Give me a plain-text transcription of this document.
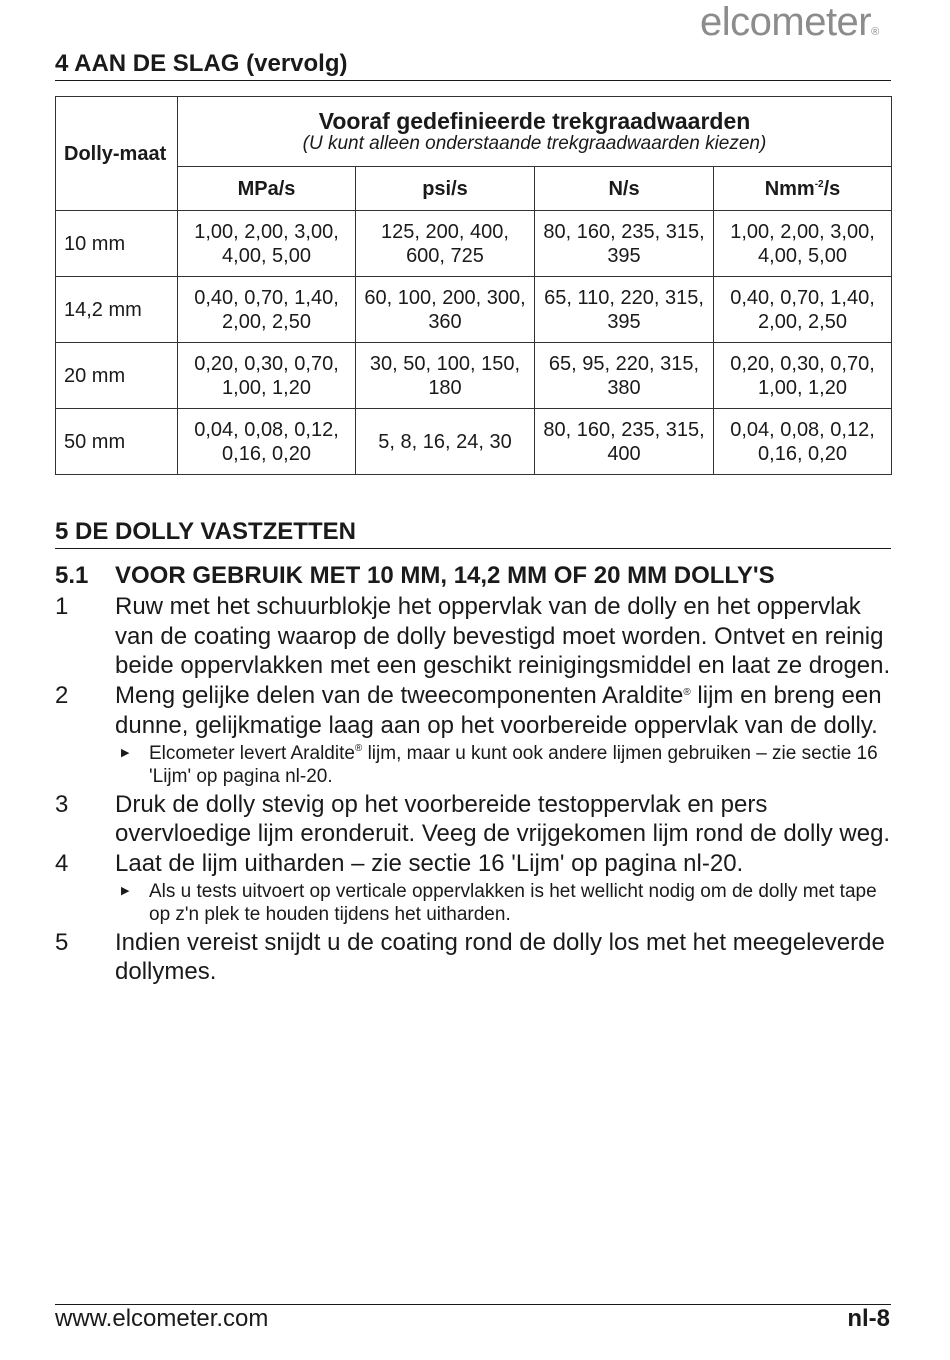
elcometer®
4 AAN DE SLAG (vervolg)
Dolly-maat	Vooraf gedefinieerde trekgraadwaarden
(U kunt alleen onderstaande trekgraadwaarden kiezen)			

	MPa/s	psi/s	N/s	Nmm$^{-2}$/s
10 mm	1,00, 2,00, 3,00, 4,00, 5,00	125, 200, 400, 600, 725	80, 160, 235, 315, 395	1,00, 2,00, 3,00, 4,00, 5,00
14,2 mm	0,40, 0,70, 1,40, 2,00, 2,50	60, 100, 200, 300, 360	65, 110, 220, 315, 395	0,40, 0,70, 1,40, 2,00, 2,50
20 mm	0,20, 0,30, 0,70, 1,00, 1,20	30, 50, 100, 150, 180	65, 95, 220, 315, 380	0,20, 0,30, 0,70, 1,00, 1,20
50 mm	0,04, 0,08, 0,12, 0,16, 0,20	5, 8, 16, 24, 30	80, 160, 235, 315, 400	0,04, 0,08, 0,12, 0,16, 0,20
5 DE DOLLY VASTZETTEN
5.1 VOOR GEBRUIK MET 10 MM, 14,2 MM OF 20 MM DOLLY'S
1	Ruw met het schuurblokje het oppervlak van de dolly en het oppervlak van de coating waarop de dolly bevestigd moet worden. Ontvet en reinig beide oppervlakken met een geschikt reinigingsmiddel en laat ze drogen.
2	Meng gelijke delen van de tweecomponenten Araldite® lijm en breng een dunne, gelijkmatige laag aan op het voorbereide oppervlak van de dolly.
▶	Elcometer levert Araldite® lijm, maar u kunt ook andere lijmen gebruiken – zie sectie 16 'Lijm' op pagina nl-20.
3	Druk de dolly stevig op het voorbereide testoppervlak en pers overvloedige lijm eronderuit. Veeg de vrijgekomen lijm rond de dolly weg.
4	Laat de lijm uitharden – zie sectie 16 'Lijm' op pagina nl-20.
▶	Als u tests uitvoert op verticale oppervlakken is het wellicht nodig om de dolly met tape op z'n plek te houden tijdens het uitharden.
5	Indien vereist snijdt u de coating rond de dolly los met het meegeleverde dollymes.
www.elcometer.com	nl-8
